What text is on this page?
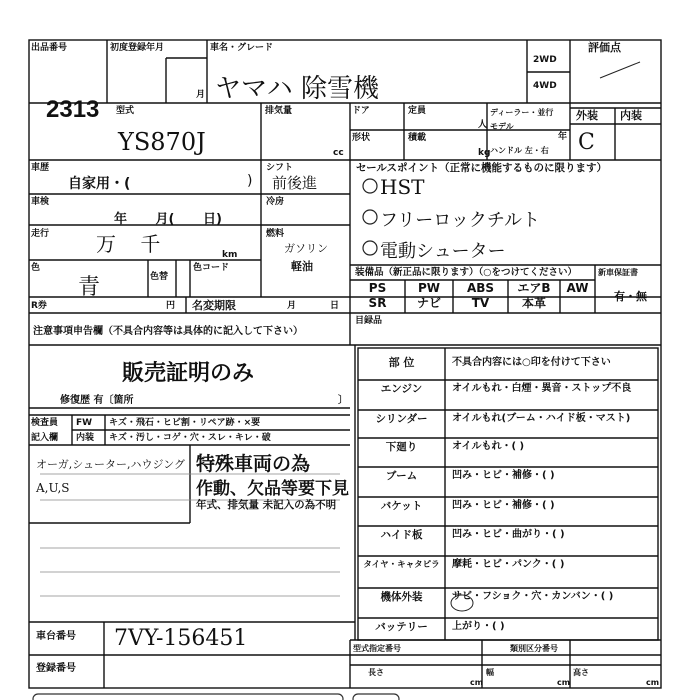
出品番号	初度登録年月
月
車名・グレード
2WD
4WD
評価点
2313
ヤマハ 除雪機
型式
YS870J
排気量
cc
ドア	定員
人
形状	積載
kg
ディーラー・並行
モデル
年
ハンドル 左・右
外装 内装
C
車歴
自家用・(	)
車検
年 月( 日)
冷房
シフト
前後進
走行 万 千	km
燃料
ガソリン
軽油
色
青	色替
色コード
セールスポイント（正常に機能するものに限ります）
HST
フリーロックチルト
電動シューター
装備品（新正品に限ります）（○をつけてください）	新車保証書
有・無
PS	PW	ABS	エアB	AW
SR	ナビ	TV	本革
R券	円 名変期限	月	日
目録品
注意事項申告欄（不具合内容等は具体的に記入して下さい）
販売証明のみ
修復歴 有〔箇所	〕
検査員
記入欄
FW キズ・飛石・ヒビ割・リペア跡・×要
内装 キズ・汚し・コゲ・穴・スレ・キレ・破
オーガ,シューター,ハウジング
A,U,S
特殊車両の為
作動、欠品等要下見
年式、排気量 未記入の為不明
部 位	不具合内容には○印を付けて下さい
エンジン	オイルもれ・白煙・異音・ストップ不良
シリンダー	オイルもれ(ブーム・ハイド板・マスト)
下廻り	オイルもれ・( )
ブーム	凹み・ヒビ・補修・( )
バケット	凹み・ヒビ・補修・( )
ハイド板	凹み・ヒビ・曲がり・( )
タイヤ・キャタピラ	摩耗・ヒビ・パンク・( )
機体外装	サビ・フショク・穴・カンバン・( )
バッテリー	上がり・( )
車台番号 7VY-156451
登録番号
型式指定番号	類別区分番号
長さ
cm
幅
cm
高さ
cm
